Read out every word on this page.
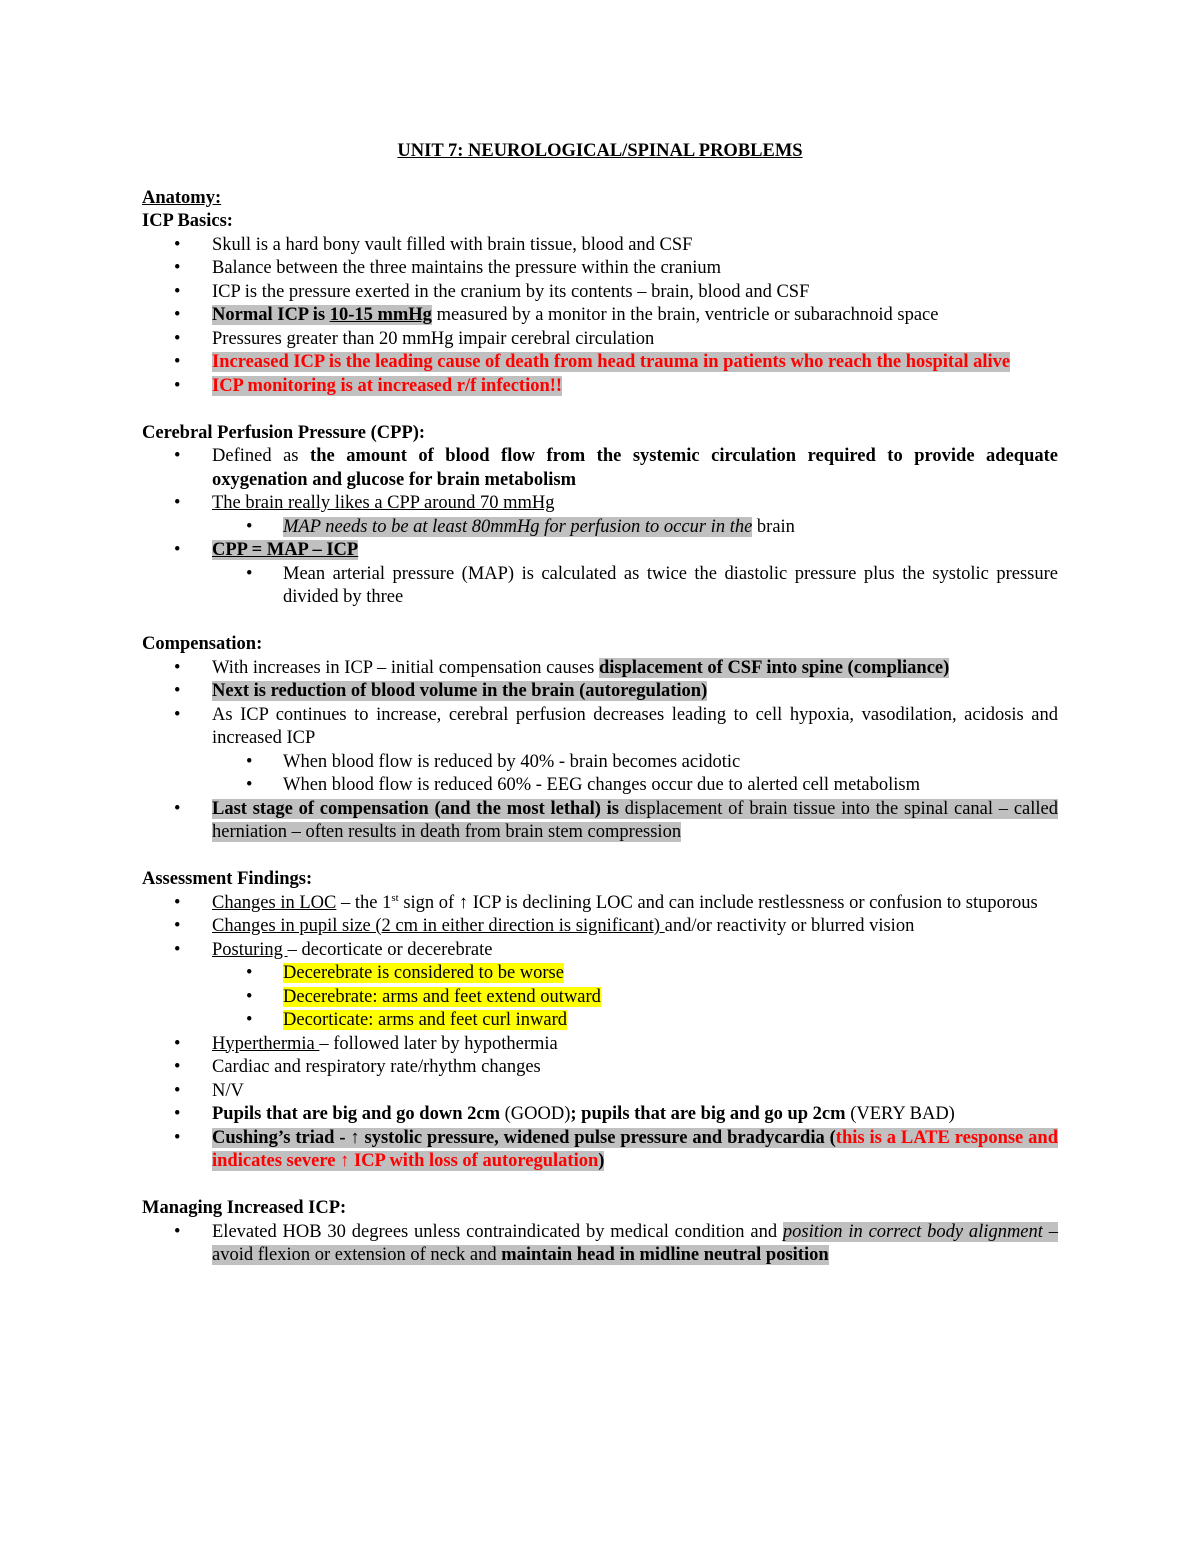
UNIT 7: NEUROLOGICAL/SPINAL PROBLEMS
Anatomy:
ICP Basics:
• Skull is a hard bony vault filled with brain tissue, blood and CSF
• Balance between the three maintains the pressure within the cranium
• ICP is the pressure exerted in the cranium by its contents – brain, blood and CSF
• Normal ICP is 10-15 mmHg measured by a monitor in the brain, ventricle or subarachnoid space
• Pressures greater than 20 mmHg impair cerebral circulation
• Increased ICP is the leading cause of death from head trauma in patients who reach the hospital alive
• ICP monitoring is at increased r/f infection!!
Cerebral Perfusion Pressure (CPP):
• Defined as the amount of blood flow from the systemic circulation required to provide adequate oxygenation and glucose for brain metabolism
• The brain really likes a CPP around 70 mmHg
• MAP needs to be at least 80mmHg for perfusion to occur in the brain
• CPP = MAP – ICP
• Mean arterial pressure (MAP) is calculated as twice the diastolic pressure plus the systolic pressure divided by three
Compensation:
• With increases in ICP – initial compensation causes displacement of CSF into spine (compliance)
• Next is reduction of blood volume in the brain (autoregulation)
• As ICP continues to increase, cerebral perfusion decreases leading to cell hypoxia, vasodilation, acidosis and increased ICP
• When blood flow is reduced by 40% - brain becomes acidotic
• When blood flow is reduced 60% - EEG changes occur due to alerted cell metabolism
• Last stage of compensation (and the most lethal) is displacement of brain tissue into the spinal canal – called herniation – often results in death from brain stem compression
Assessment Findings:
• Changes in LOC – the 1st sign of ↑ ICP is declining LOC and can include restlessness or confusion to stuporous
• Changes in pupil size (2 cm in either direction is significant) and/or reactivity or blurred vision
• Posturing – decorticate or decerebrate
• Decerebrate is considered to be worse
• Decerebrate: arms and feet extend outward
• Decorticate: arms and feet curl inward
• Hyperthermia – followed later by hypothermia
• Cardiac and respiratory rate/rhythm changes
• N/V
• Pupils that are big and go down 2cm (GOOD); pupils that are big and go up 2cm (VERY BAD)
• Cushing’s triad - ↑ systolic pressure, widened pulse pressure and bradycardia (this is a LATE response and indicates severe ↑ ICP with loss of autoregulation)
Managing Increased ICP:
• Elevated HOB 30 degrees unless contraindicated by medical condition and position in correct body alignment – avoid flexion or extension of neck and maintain head in midline neutral position
